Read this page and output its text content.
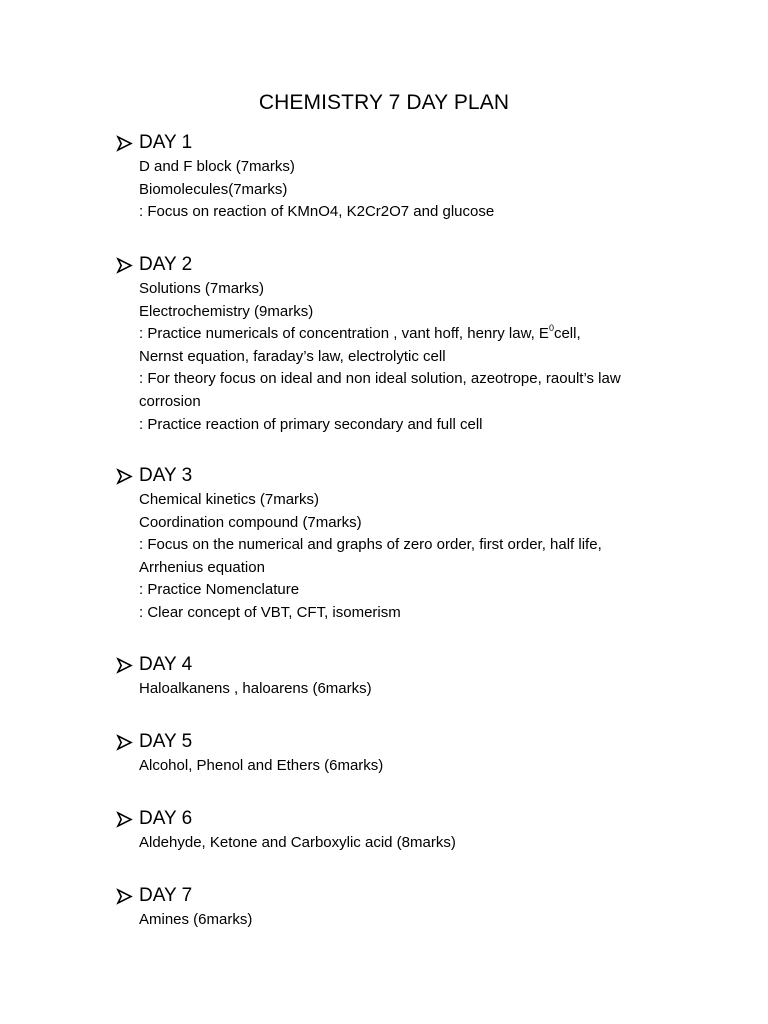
CHEMISTRY 7 DAY PLAN
DAY 1
D and F block (7marks)
Biomolecules(7marks)
: Focus on reaction of KMnO4, K2Cr2O7 and glucose
DAY 2
Solutions (7marks)
Electrochemistry (9marks)
: Practice numericals of concentration , vant hoff, henry law, $E^0cell$,
Nernst equation, faraday’s law, electrolytic cell
: For theory focus on ideal and non ideal solution, azeotrope, raoult’s law
corrosion
: Practice reaction of primary secondary and full cell
DAY 3
Chemical kinetics (7marks)
Coordination compound (7marks)
: Focus on the numerical and graphs of zero order, first order, half life,
Arrhenius equation
: Practice Nomenclature
: Clear concept of VBT, CFT, isomerism
DAY 4
Haloalkanens , haloarens (6marks)
DAY 5
Alcohol, Phenol and Ethers (6marks)
DAY 6
Aldehyde, Ketone and Carboxylic acid (8marks)
DAY 7
Amines (6marks)
